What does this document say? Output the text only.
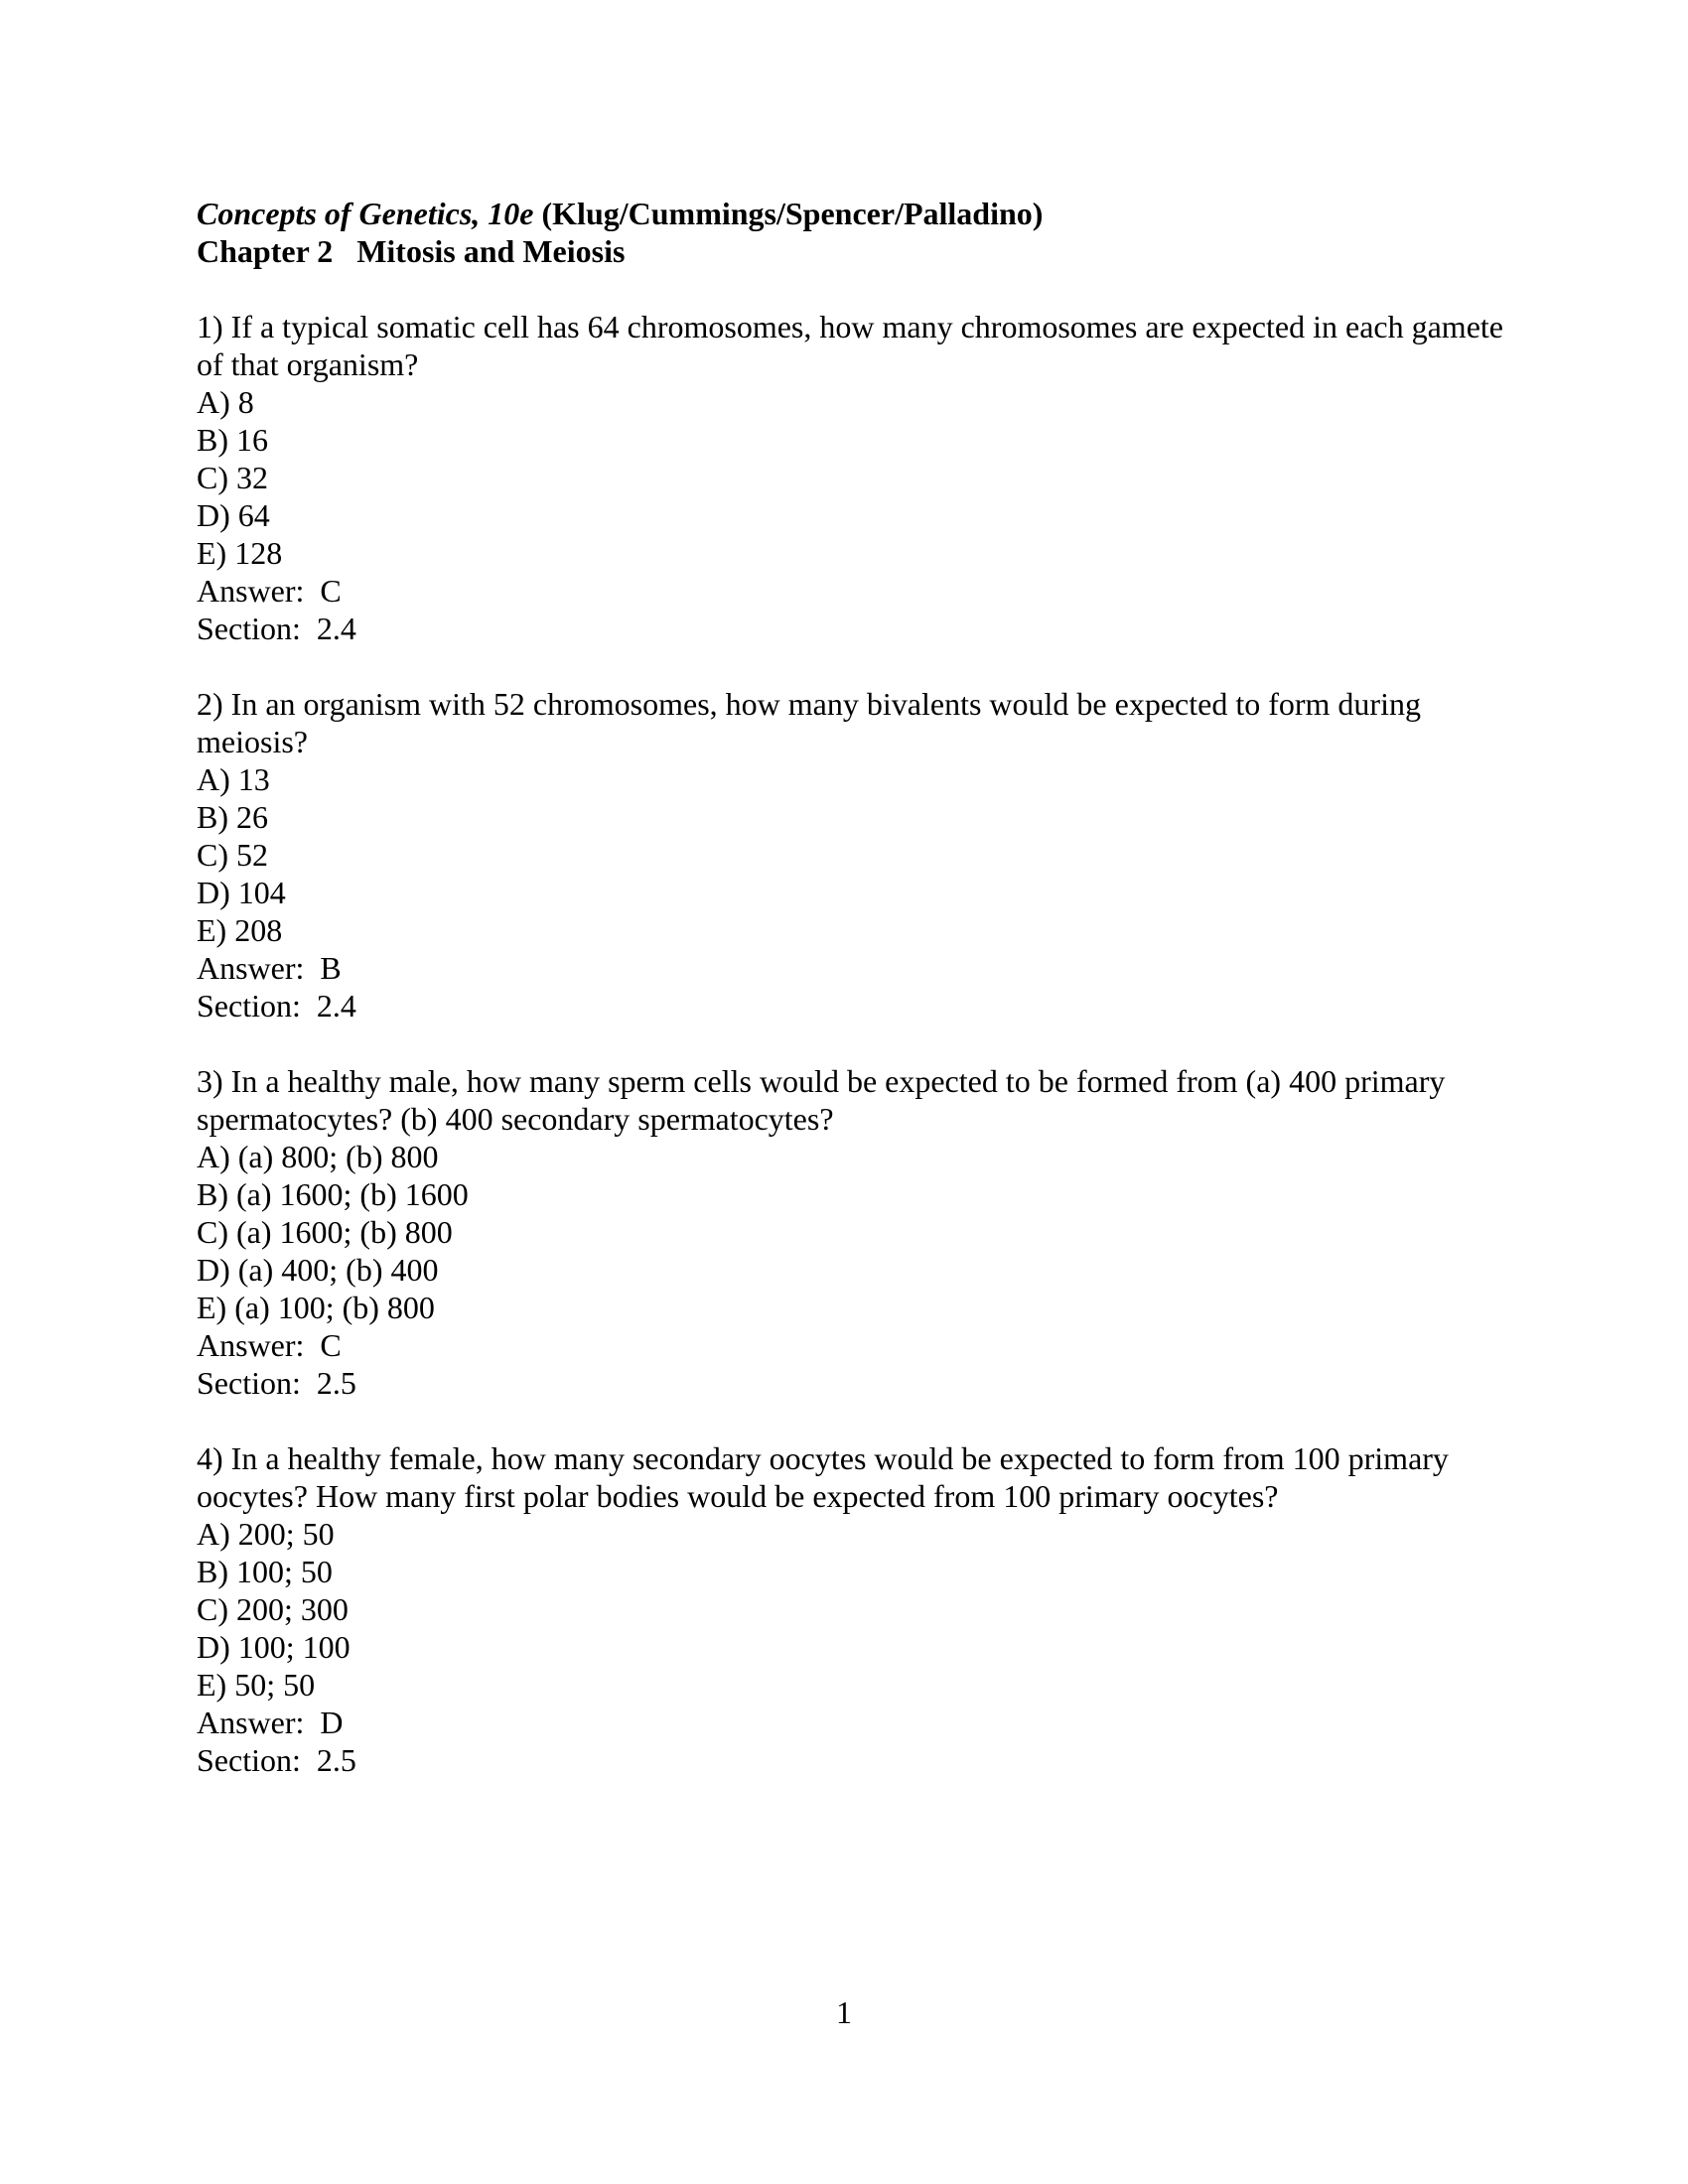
Concepts of Genetics, 10e (Klug/Cummings/Spencer/Palladino)
Chapter 2   Mitosis and Meiosis
1) If a typical somatic cell has 64 chromosomes, how many chromosomes are expected in each gamete of that organism?
A) 8
B) 16
C) 32
D) 64
E) 128
Answer:  C
Section:  2.4
2) In an organism with 52 chromosomes, how many bivalents would be expected to form during meiosis?
A) 13
B) 26
C) 52
D) 104
E) 208
Answer:  B
Section:  2.4
3) In a healthy male, how many sperm cells would be expected to be formed from (a) 400 primary spermatocytes? (b) 400 secondary spermatocytes?
A) (a) 800; (b) 800
B) (a) 1600; (b) 1600
C) (a) 1600; (b) 800
D) (a) 400; (b) 400
E) (a) 100; (b) 800
Answer:  C
Section:  2.5
4) In a healthy female, how many secondary oocytes would be expected to form from 100 primary oocytes? How many first polar bodies would be expected from 100 primary oocytes?
A) 200; 50
B) 100; 50
C) 200; 300
D) 100; 100
E) 50; 50
Answer:  D
Section:  2.5
1
